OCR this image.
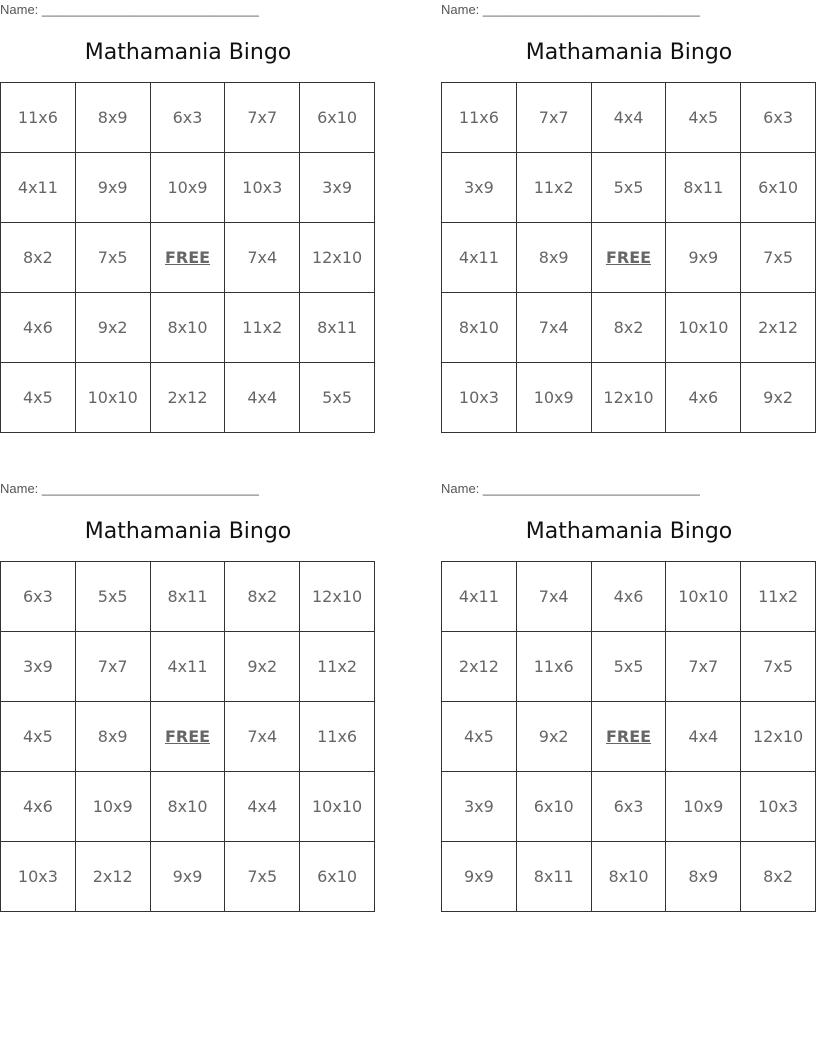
Name: ______________________________
Mathamania Bingo
11x6	8x9	6x3	7x7	6x10
4x11	9x9	10x9	10x3	3x9
8x2	7x5	FREE	7x4	12x10
4x6	9x2	8x10	11x2	8x11
4x5	10x10	2x12	4x4	5x5
Name: ______________________________
Mathamania Bingo
11x6	7x7	4x4	4x5	6x3
3x9	11x2	5x5	8x11	6x10
4x11	8x9	FREE	9x9	7x5
8x10	7x4	8x2	10x10	2x12
10x3	10x9	12x10	4x6	9x2
Name: ______________________________
Mathamania Bingo
6x3	5x5	8x11	8x2	12x10
3x9	7x7	4x11	9x2	11x2
4x5	8x9	FREE	7x4	11x6
4x6	10x9	8x10	4x4	10x10
10x3	2x12	9x9	7x5	6x10
Name: ______________________________
Mathamania Bingo
4x11	7x4	4x6	10x10	11x2
2x12	11x6	5x5	7x7	7x5
4x5	9x2	FREE	4x4	12x10
3x9	6x10	6x3	10x9	10x3
9x9	8x11	8x10	8x9	8x2
